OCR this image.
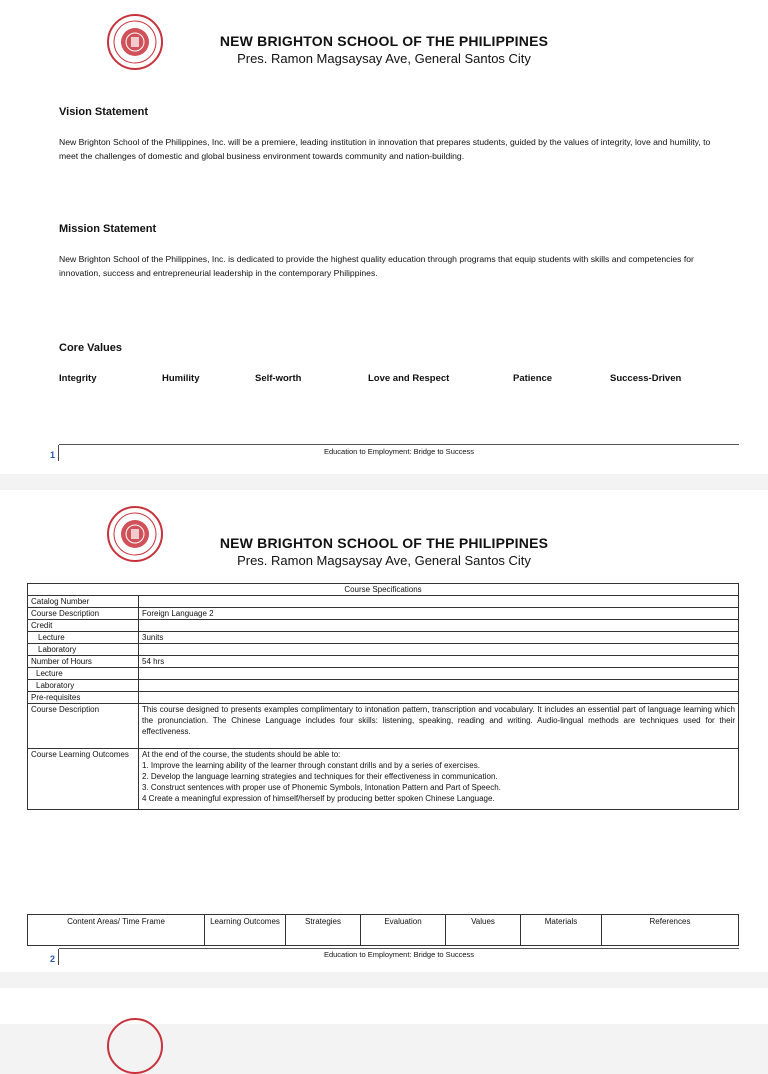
NEW BRIGHTON SCHOOL OF THE PHILIPPINES
Pres. Ramon Magsaysay Ave, General Santos City
Vision Statement
New Brighton School of the Philippines, Inc. will be a premiere, leading institution in innovation that prepares students, guided by the values of integrity, love and humility, to meet the challenges of domestic and global business environment towards community and nation-building.
Mission Statement
New Brighton School of the Philippines, Inc. is dedicated to provide the highest quality education through programs that equip students with skills and competencies for innovation, success and entrepreneurial leadership in the contemporary Philippines.
Core Values
Integrity	Humility	Self-worth	Love and Respect	Patience	Success-Driven
1	Education to Employment: Bridge to Success
NEW BRIGHTON SCHOOL OF THE PHILIPPINES
Pres. Ramon Magsaysay Ave, General Santos City
Course Specifications	
Catalog Number	
Course Description	Foreign Language 2
Credit	
Lecture	3units
Laboratory	
Number of Hours	54 hrs
Lecture	
Laboratory	
Pre-requisites	
Course Description	This course designed to presents examples complimentary to intonation pattern, transcription and vocabulary. It includes an essential part of language learning which the pronunciation. The Chinese Language includes four skills: listening, speaking, reading and writing. Audio-lingual methods are techniques used for their effectiveness.
Course Learning Outcomes	At the end of the course, the students should be able to:
1. Improve the learning ability of the learner through constant drills and by a series of exercises.
2. Develop the language learning strategies and techniques for their effectiveness in communication.
3. Construct sentences with proper use of Phonemic Symbols, Intonation Pattern and Part of Speech.
4 Create a meaningful expression of himself/herself by producing better spoken Chinese Language.
Content Areas/ Time Frame	Learning Outcomes	Strategies	Evaluation	Values	Materials	References
2	Education to Employment: Bridge to Success
